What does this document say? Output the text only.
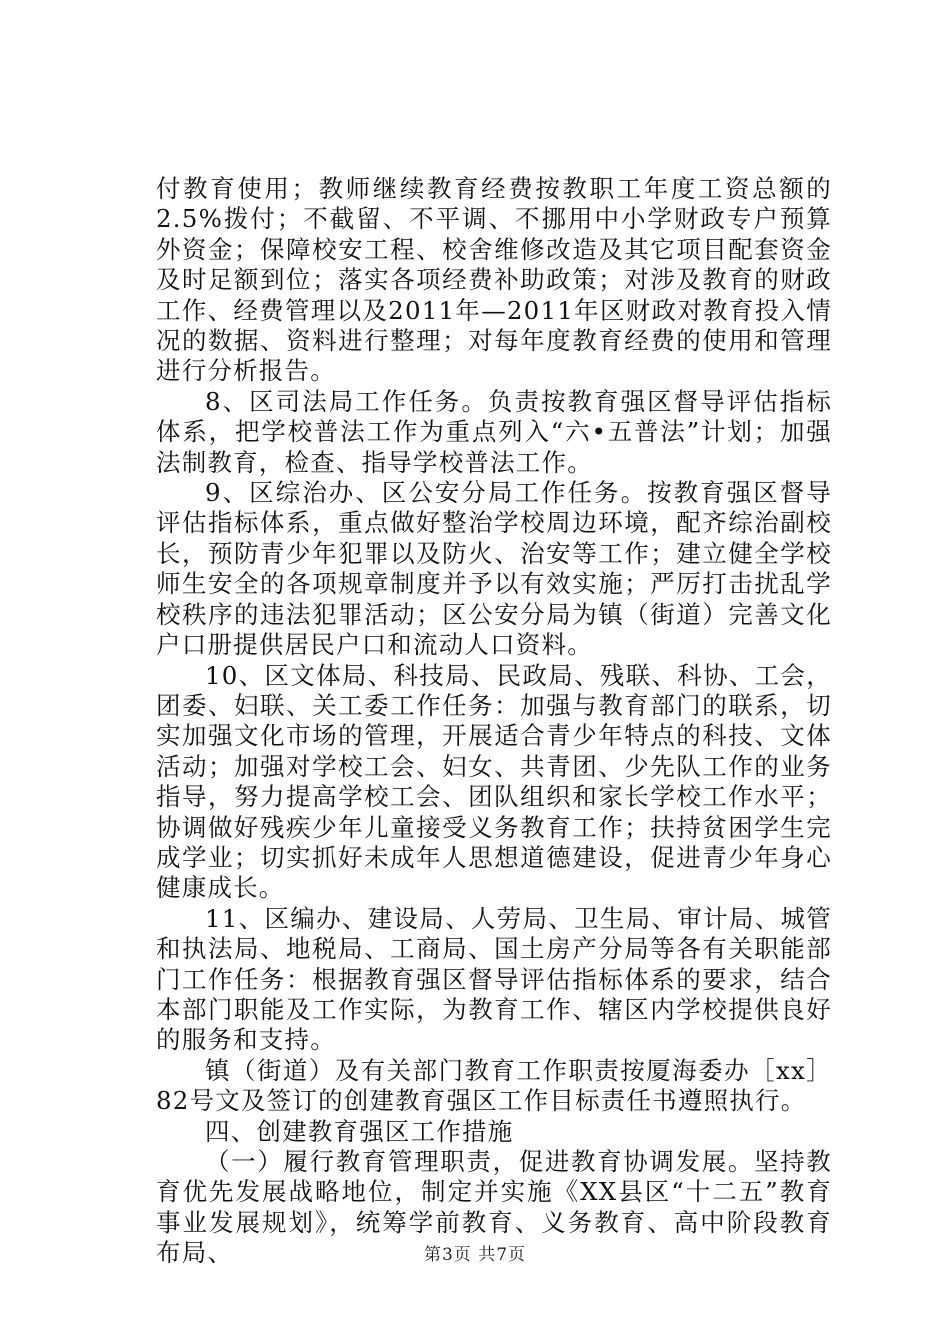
付教育使用；教师继续教育经费按教职工年度工资总额的2.5%拨付；不截留、不平调、不挪用中小学财政专户预算外资金；保障校安工程、校舍维修改造及其它项目配套资金及时足额到位；落实各项经费补助政策；对涉及教育的财政工作、经费管理以及2011年—2011年区财政对教育投入情况的数据、资料进行整理；对每年度教育经费的使用和管理进行分析报告。

8、区司法局工作任务。负责按教育强区督导评估指标体系，把学校普法工作为重点列入“六•五普法”计划；加强法制教育，检查、指导学校普法工作。

9、区综治办、区公安分局工作任务。按教育强区督导评估指标体系，重点做好整治学校周边环境，配齐综治副校长，预防青少年犯罪以及防火、治安等工作；建立健全学校师生安全的各项规章制度并予以有效实施；严厉打击扰乱学校秩序的违法犯罪活动；区公安分局为镇（街道）完善文化户口册提供居民户口和流动人口资料。

10、区文体局、科技局、民政局、残联、科协、工会，团委、妇联、关工委工作任务：加强与教育部门的联系，切实加强文化市场的管理，开展适合青少年特点的科技、文体活动；加强对学校工会、妇女、共青团、少先队工作的业务指导，努力提高学校工会、团队组织和家长学校工作水平；协调做好残疾少年儿童接受义务教育工作；扶持贫困学生完成学业；切实抓好未成年人思想道德建设，促进青少年身心健康成长。

11、区编办、建设局、人劳局、卫生局、审计局、城管和执法局、地税局、工商局、国土房产分局等各有关职能部门工作任务：根据教育强区督导评估指标体系的要求，结合本部门职能及工作实际，为教育工作、辖区内学校提供良好的服务和支持。

镇（街道）及有关部门教育工作职责按厦海委办［xx］82号文及签订的创建教育强区工作目标责任书遵照执行。

四、创建教育强区工作措施

（一）履行教育管理职责，促进教育协调发展。坚持教育优先发展战略地位，制定并实施《XX县区“十二五”教育事业发展规划》，统筹学前教育、义务教育、高中阶段教育布局、	第3页 共7页
